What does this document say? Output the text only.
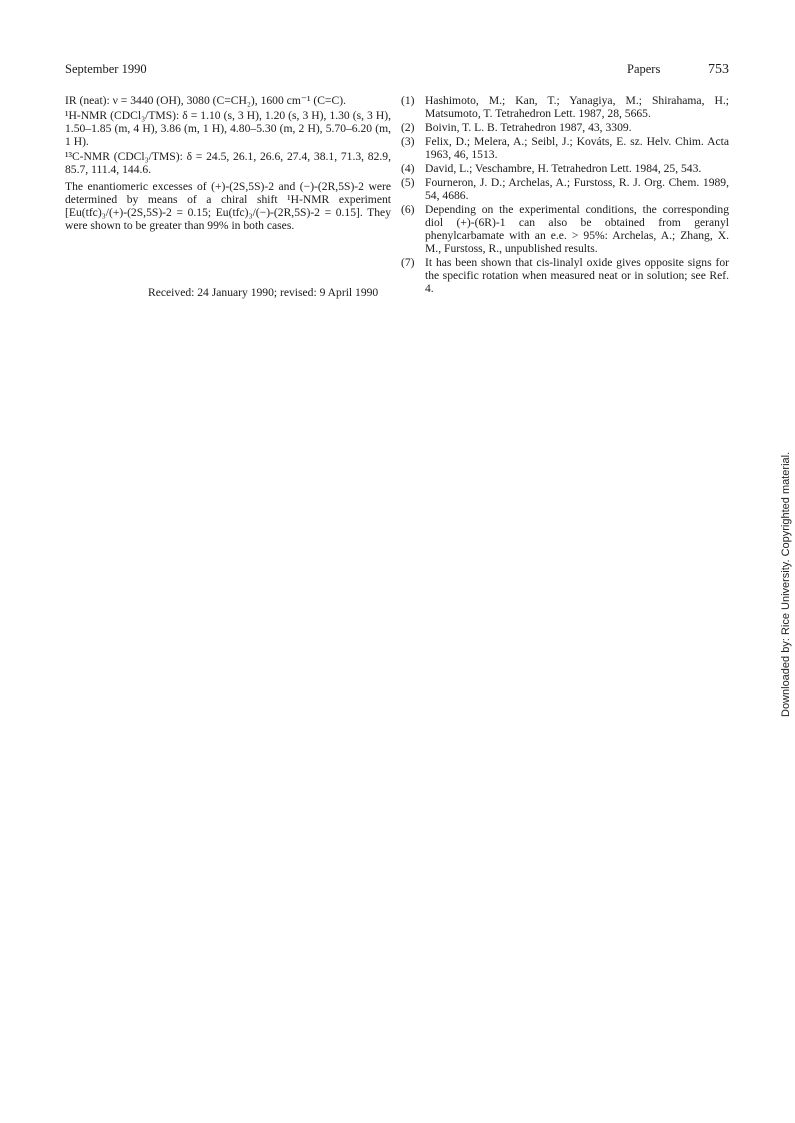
September 1990	Papers	753

IR (neat): ν = 3440 (OH), 3080 (C=CH₂), 1600 cm⁻¹ (C=C).

¹H-NMR (CDCl₃/TMS): δ = 1.10 (s, 3 H), 1.20 (s, 3 H), 1.30 (s, 3 H), 1.50–1.85 (m, 4 H), 3.86 (m, 1 H), 4.80–5.30 (m, 2 H), 5.70–6.20 (m, 1 H).

¹³C-NMR (CDCl₃/TMS): δ = 24.5, 26.1, 26.6, 27.4, 38.1, 71.3, 82.9, 85.7, 111.4, 144.6.

The enantiomeric excesses of (+)-(2S,5S)-2 and (−)-(2R,5S)-2 were determined by means of a chiral shift ¹H-NMR experiment [Eu(tfc)₃/(+)-(2S,5S)-2 = 0.15; Eu(tfc)₃/(−)-(2R,5S)-2 = 0.15]. They were shown to be greater than 99% in both cases.

Received: 24 January 1990; revised: 9 April 1990
(1) Hashimoto, M.; Kan, T.; Yanagiya, M.; Shirahama, H.; Matsumoto, T. Tetrahedron Lett. 1987, 28, 5665.
(2) Boivin, T. L. B. Tetrahedron 1987, 43, 3309.
(3) Felix, D.; Melera, A.; Seibl, J.; Kováts, E. sz. Helv. Chim. Acta 1963, 46, 1513.
(4) David, L.; Veschambre, H. Tetrahedron Lett. 1984, 25, 543.
(5) Fourneron, J. D.; Archelas, A.; Furstoss, R. J. Org. Chem. 1989, 54, 4686.
(6) Depending on the experimental conditions, the corresponding diol (+)-(6R)-1 can also be obtained from geranyl phenylcarbamate with an e.e. > 95%: Archelas, A.; Zhang, X. M., Furstoss, R., unpublished results.
(7) It has been shown that cis-linalyl oxide gives opposite signs for the specific rotation when measured neat or in solution; see Ref. 4.
Downloaded by: Rice University. Copyrighted material.
